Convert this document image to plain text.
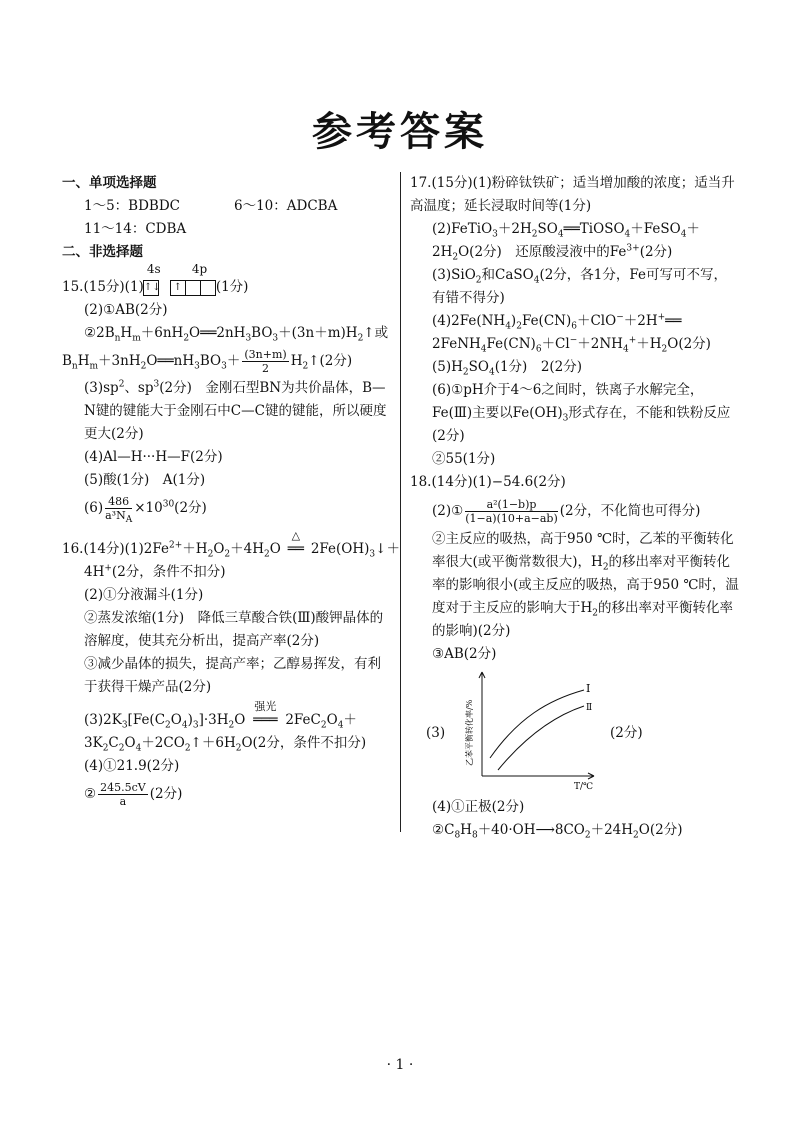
参考答案
一、单项选择题
1～5：BDBDC	6～10：ADCBA
11～14：CDBA
二、非选择题
15.(15分)(1)
4s	4p
↑↓ ↑	(1分)
(2)①AB(2分)
$②2B_nH_m+6nH_2O══2nH_3BO_3+(3n+m)H_2↑$或
$B_nH_m+3nH_2O══nH_3BO_3+ \frac{(3n+m)}{2}$ $H_2↑(2$分)
$(3)sp^2$、$sp^3(2$分)　金刚石型BN为共价晶体，B—N键的键能大于金刚石中C—C键的键能，所以硬度更大(2分)
(4)Al—H···H—F(2分)
(5)酸(1分)　A(1分)
$(6) \frac{486}{a^3N_A} \times 10^{30}(2$分)
16.(14分)$(1)2Fe^{2+}+H_2O_2+4H_2O$
△
══ $2Fe(OH)_3↓+$
4H+(2分，条件不扣分)
(2)①分液漏斗(1分)
②蒸发浓缩(1分)　降低三草酸合铁(Ⅲ)酸钾晶体的溶解度，使其充分析出，提高产率(2分)
③减少晶体的损失，提高产率；乙醇易挥发，有利于获得干燥产品(2分)
$(3)2K_3[Fe(C_2O_4)_3]\cdot 3H_2O$
强光
═══ $2FeC_2O_4+$
$3K_2C_2O_4+2CO_2↑+6H_2O(2$分，条件不扣分)
(4)①21.9(2分)
② $\frac{245.5cV}{a} (2$分)
17.(15分)(1)粉碎钛铁矿；适当增加酸的浓度；适当升高温度；延长浸取时间等(1分)
$(2)FeTiO_3+2H_2SO_4══TiOSO_4+FeSO_4+2H_2O(2$分)　还原酸浸液中的$Fe^{3+}(2$分)
(3)SiO$_2$和CaSO$_4$(2分，各1分，Fe可写可不写，有错不得分)
$(4)2Fe(NH_4)_2Fe(CN)_6+ClO^-+2H^+══$
$2FeNH_4Fe(CN)_6+Cl^-+2NH_4^++H_2O(2$分)
$(5)H_2SO_4(1$分)　2(2分)
(6)①pH介于4～6之间时，铁离子水解完全，Fe(Ⅲ)主要以$Fe(OH)_3$形式存在，不能和铁粉反应(2分)
②55(1分)
18.(14分)(1)−54.6(2分)
(2)① $\frac{\text{a²(1−b)p}}{(1-a)(10+a-ab)} (2$分，不化简也可得分)
②主反应的吸热，高于950 ℃时，乙苯的平衡转化率很大(或平衡常数很大)，$H_2$的移出率对平衡转化率的影响很小(或主反应的吸热，高于950 ℃时，温度对于主反应的影响大于$H_2$的移出率对平衡转化率的影响)(2分)
③AB(2分)
(3)
Ⅰ
Ⅱ
T/℃
乙苯平衡转化率/%	(2分)
(4)①正极(2分)
$②C_8H_8+40\cdot OH⟶8CO_2+24H_2O(2$分)
· 1 ·
